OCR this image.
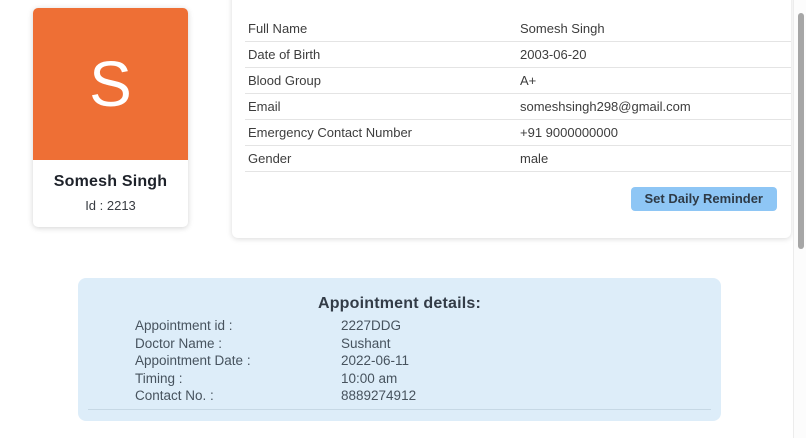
S
Somesh Singh
Id : 2213
Full Name	Somesh Singh
Date of Birth	2003-06-20
Blood Group	A+
Email	someshsingh298@gmail.com
Emergency Contact Number	+91 9000000000
Gender	male
Set Daily Reminder
Appointment details:
Appointment id :	2227DDG
Doctor Name :	Sushant
Appointment Date :	2022-06-11
Timing :	10:00 am
Contact No. :	8889274912
